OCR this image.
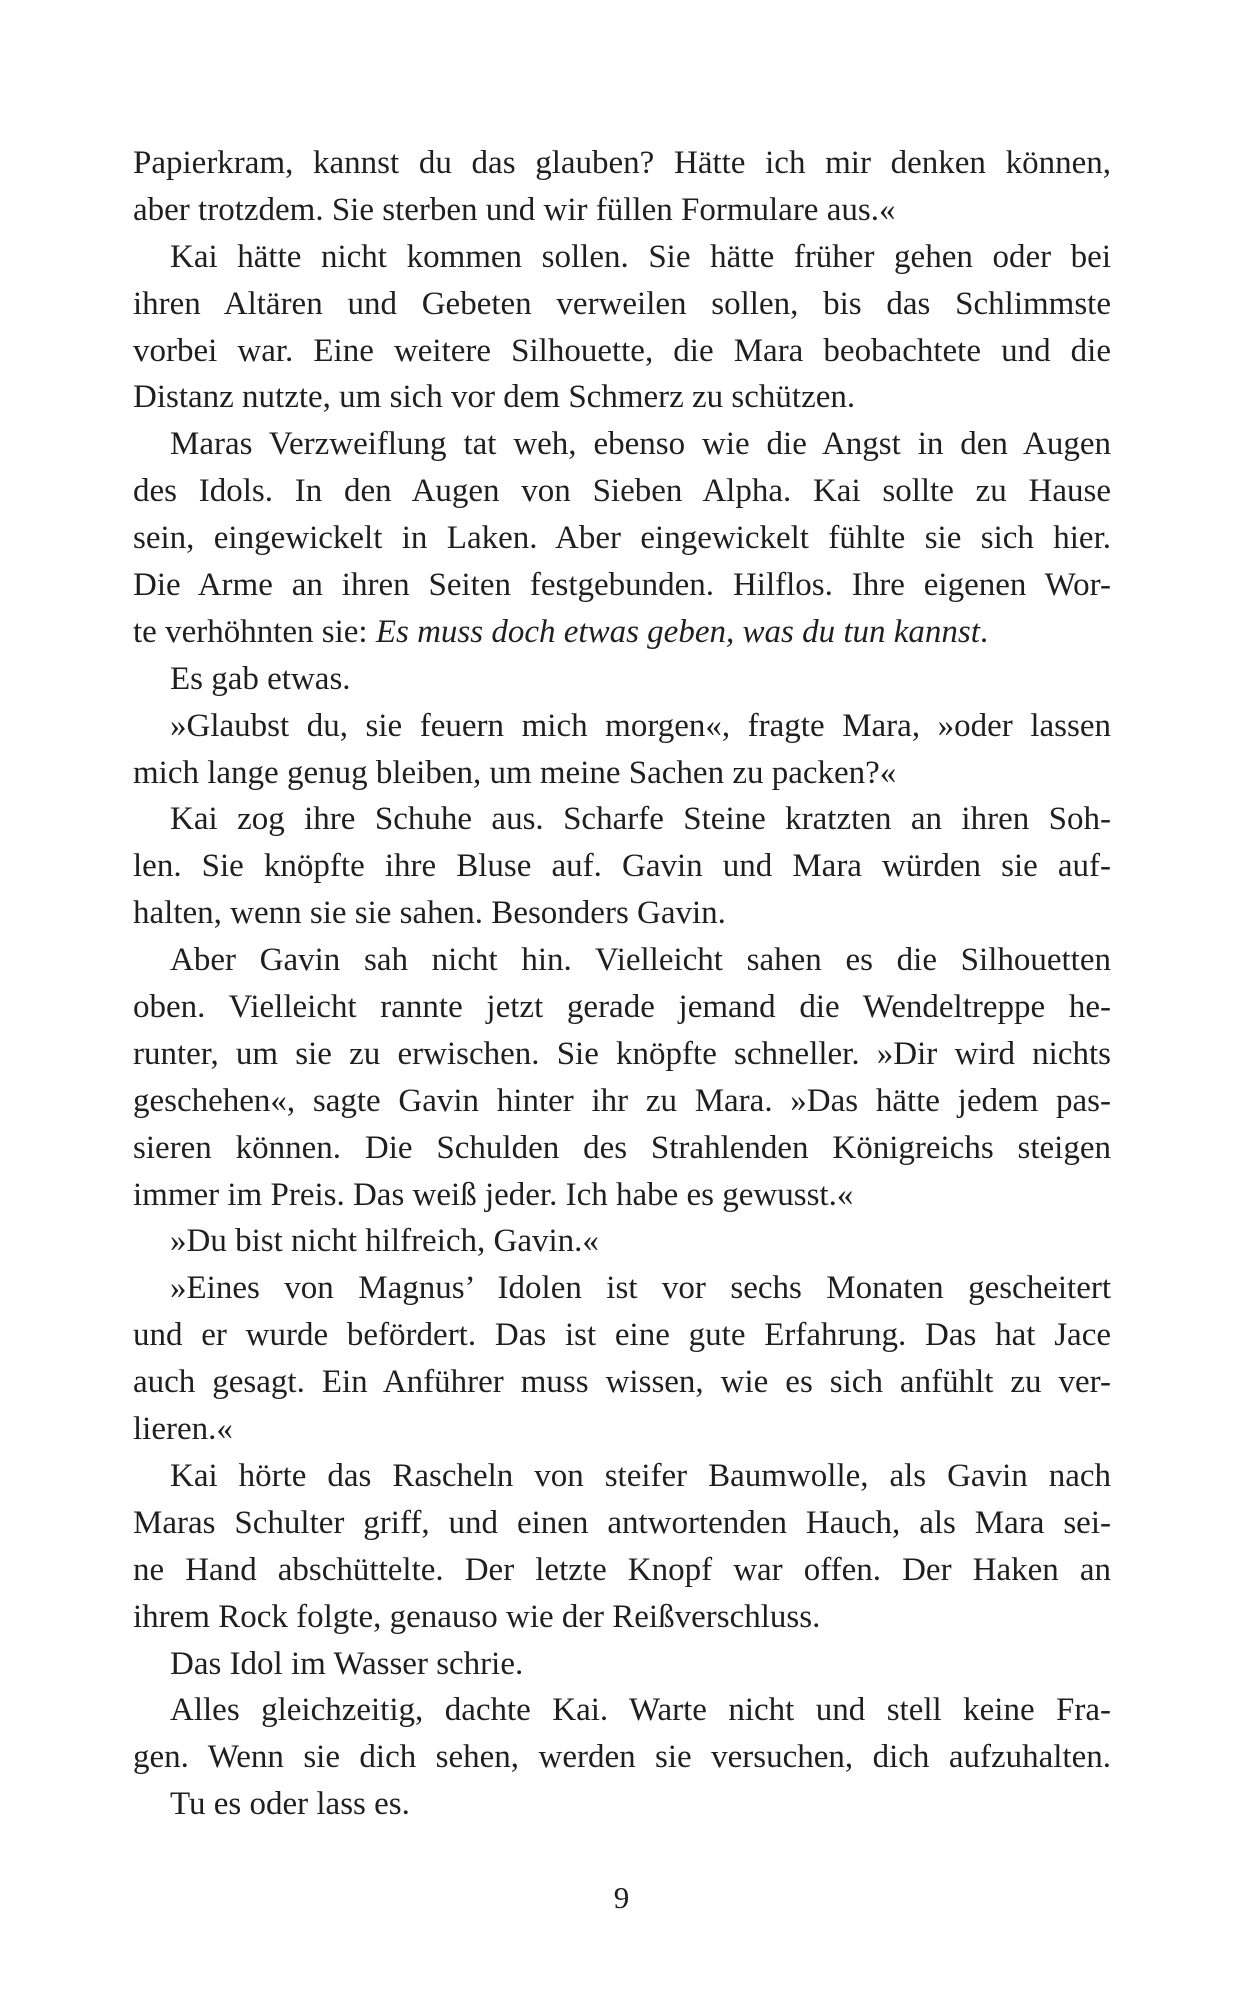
Papierkram, kannst du das glauben? Hätte ich mir denken können,
aber trotzdem. Sie sterben und wir füllen Formulare aus.«
Kai hätte nicht kommen sollen. Sie hätte früher gehen oder bei
ihren Altären und Gebeten verweilen sollen, bis das Schlimmste
vorbei war. Eine weitere Silhouette, die Mara beobachtete und die
Distanz nutzte, um sich vor dem Schmerz zu schützen.
Maras Verzweiflung tat weh, ebenso wie die Angst in den Augen
des Idols. In den Augen von Sieben Alpha. Kai sollte zu Hause
sein, eingewickelt in Laken. Aber eingewickelt fühlte sie sich hier.
Die Arme an ihren Seiten festgebunden. Hilflos. Ihre eigenen Wor-
te verhöhnten sie: Es muss doch etwas geben, was du tun kannst.
Es gab etwas.
»Glaubst du, sie feuern mich morgen«, fragte Mara, »oder lassen
mich lange genug bleiben, um meine Sachen zu packen?«
Kai zog ihre Schuhe aus. Scharfe Steine kratzten an ihren Soh-
len. Sie knöpfte ihre Bluse auf. Gavin und Mara würden sie auf-
halten, wenn sie sie sahen. Besonders Gavin.
Aber Gavin sah nicht hin. Vielleicht sahen es die Silhouetten
oben. Vielleicht rannte jetzt gerade jemand die Wendeltreppe he-
runter, um sie zu erwischen. Sie knöpfte schneller. »Dir wird nichts
geschehen«, sagte Gavin hinter ihr zu Mara. »Das hätte jedem pas-
sieren können. Die Schulden des Strahlenden Königreichs steigen
immer im Preis. Das weiß jeder. Ich habe es gewusst.«
»Du bist nicht hilfreich, Gavin.«
»Eines von Magnus’ Idolen ist vor sechs Monaten gescheitert
und er wurde befördert. Das ist eine gute Erfahrung. Das hat Jace
auch gesagt. Ein Anführer muss wissen, wie es sich anfühlt zu ver-
lieren.«
Kai hörte das Rascheln von steifer Baumwolle, als Gavin nach
Maras Schulter griff, und einen antwortenden Hauch, als Mara sei-
ne Hand abschüttelte. Der letzte Knopf war offen. Der Haken an
ihrem Rock folgte, genauso wie der Reißverschluss.
Das Idol im Wasser schrie.
Alles gleichzeitig, dachte Kai. Warte nicht und stell keine Fra-
gen. Wenn sie dich sehen, werden sie versuchen, dich aufzuhalten.
Tu es oder lass es.
9
